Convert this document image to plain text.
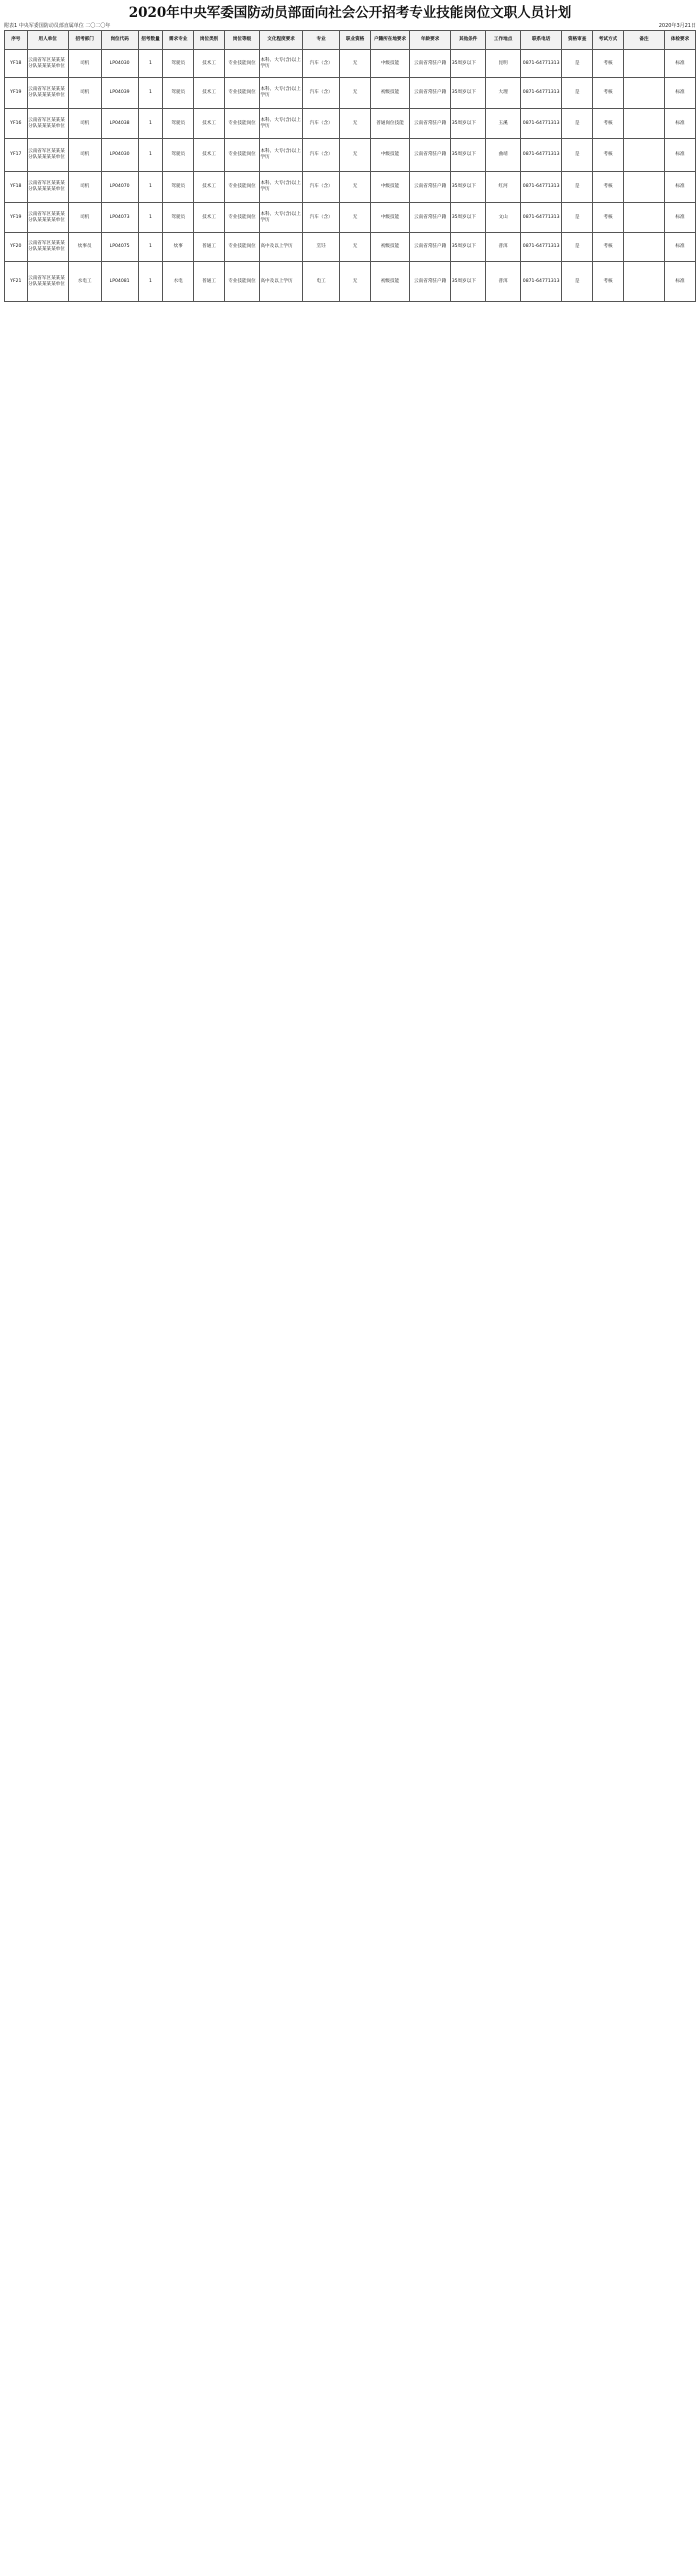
2020年中央军委国防动员部面向社会公开招考专业技能岗位文职人员计划
附表1 中央军委国防动员部直属单位 二〇二〇年	2020年3月21日
序号	用人单位	招考部门	岗位代码	招考数量	需求专业	岗位类别	岗位等级	文化程度要求	专业	职业资格	户籍所在地要求	年龄要求	其他条件	工作地点	联系电话	资格审查	考试方式	备注	体检要求
YF18	云南省军区某某某分队某某某某单位	司机	LP04030	1	驾驶员	技术工	专业技能岗位	本科、大专(含)以上学历	汽车（含）	无	中级技能	云南省常驻户籍	35周岁以下	昆明	0871-64771313	是	考核		标准
YF19	云南省军区某某某分队某某某某单位	司机	LP04039	1	驾驶员	技术工	专业技能岗位	本科、大专(含)以上学历	汽车（含）	无	初级技能	云南省常驻户籍	35周岁以下	大理	0871-64771313	是	考核		标准
YF16	云南省军区某某某分队某某某某单位	司机	LP04038	1	驾驶员	技术工	专业技能岗位	本科、大专(含)以上学历	汽车（含）	无	普通岗位技能	云南省常驻户籍	35周岁以下	玉溪	0871-64771313	是	考核		标准
YF17	云南省军区某某某分队某某某某单位	司机	LP04030	1	驾驶员	技术工	专业技能岗位	本科、大专(含)以上学历	汽车（含）	无	中级技能	云南省常驻户籍	35周岁以下	曲靖	0871-64771313	是	考核		标准
YF18	云南省军区某某某分队某某某某单位	司机	LP04070	1	驾驶员	技术工	专业技能岗位	本科、大专(含)以上学历	汽车（含）	无	中级技能	云南省常驻户籍	35周岁以下	红河	0871-64771313	是	考核		标准
YF19	云南省军区某某某分队某某某某单位	司机	LP04073	1	驾驶员	技术工	专业技能岗位	本科、大专(含)以上学历	汽车（含）	无	中级技能	云南省常驻户籍	35周岁以下	文山	0871-64771313	是	考核		标准
YF20	云南省军区某某某分队某某某某单位	炊事员	LP04075	1	炊事	普通工	专业技能岗位	高中及以上学历	烹饪	无	初级技能	云南省常驻户籍	35周岁以下	普洱	0871-64771313	是	考核		标准
YF21	云南省军区某某某分队某某某某单位	水电工	LP04081	1	水电	普通工	专业技能岗位	高中及以上学历	电工	无	初级技能	云南省常驻户籍	35周岁以下	普洱	0871-64771313	是	考核		标准
